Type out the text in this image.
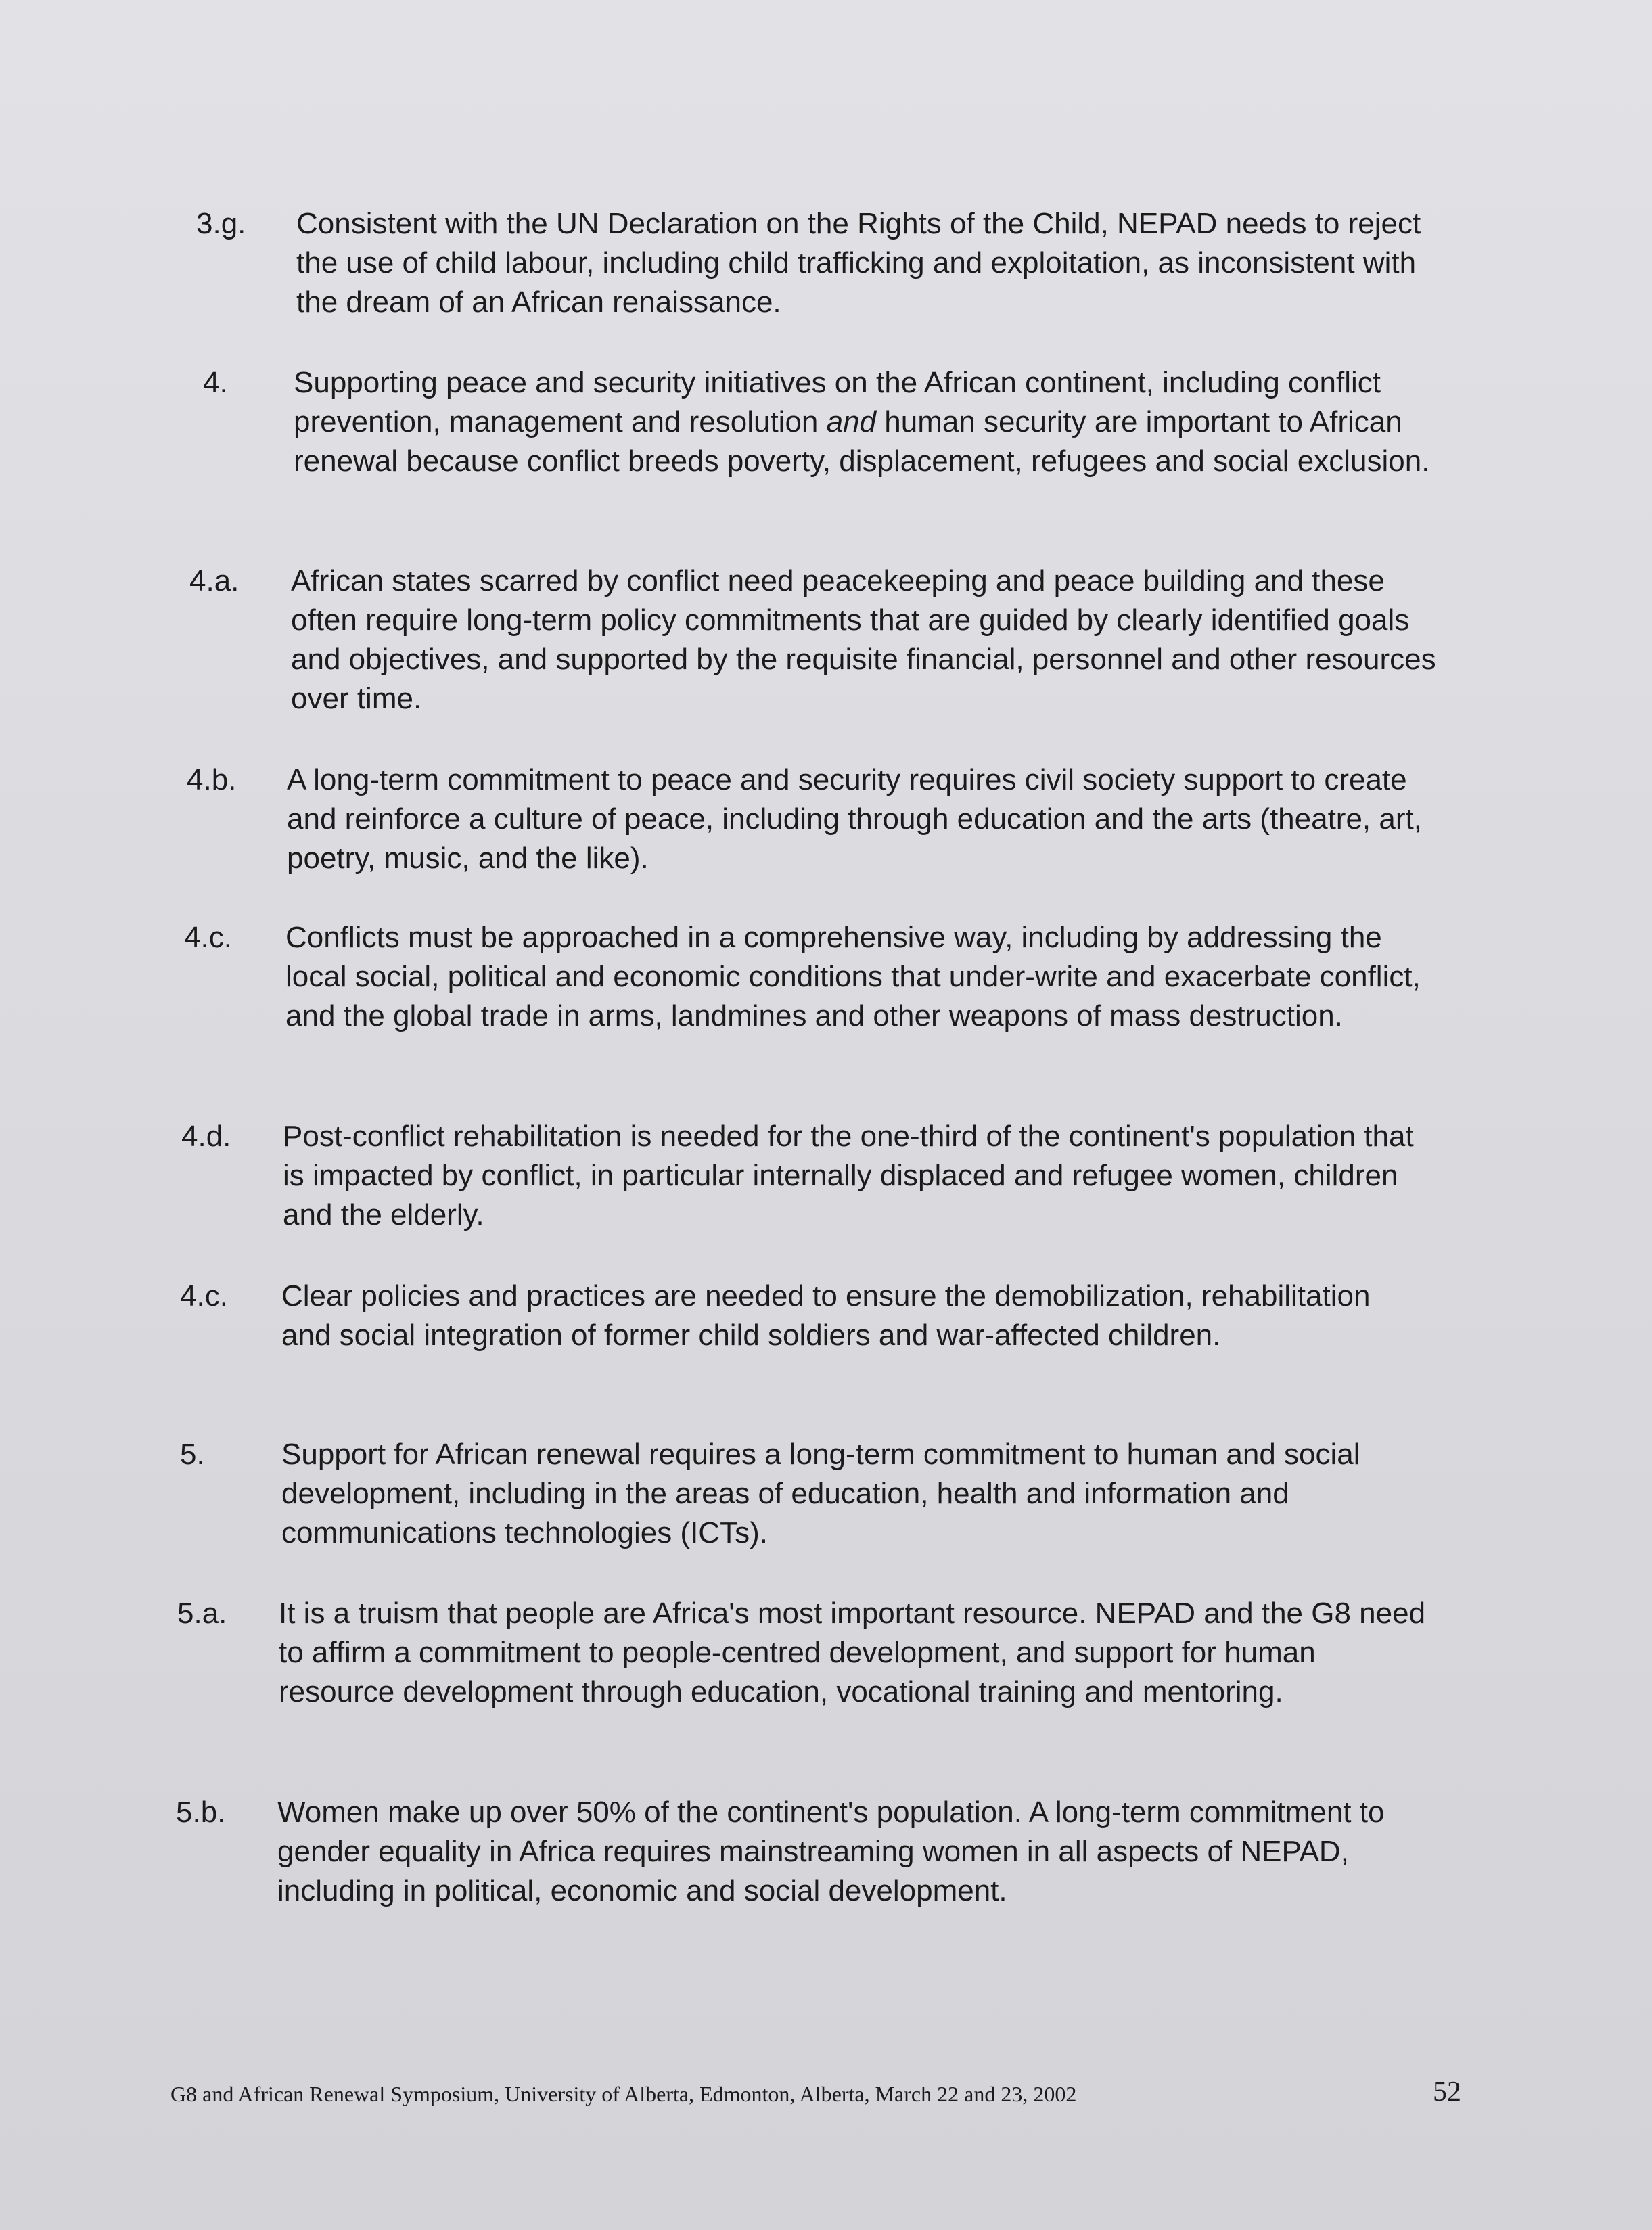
3.g. Consistent with the UN Declaration on the Rights of the Child, NEPAD needs to reject the use of child labour, including child trafficking and exploitation, as inconsistent with the dream of an African renaissance.
4. Supporting peace and security initiatives on the African continent, including conflict prevention, management and resolution and human security are important to African renewal because conflict breeds poverty, displacement, refugees and social exclusion.
4.a. African states scarred by conflict need peacekeeping and peace building and these often require long-term policy commitments that are guided by clearly identified goals and objectives, and supported by the requisite financial, personnel and other resources over time.
4.b. A long-term commitment to peace and security requires civil society support to create and reinforce a culture of peace, including through education and the arts (theatre, art, poetry, music, and the like).
4.c. Conflicts must be approached in a comprehensive way, including by addressing the local social, political and economic conditions that under-write and exacerbate conflict, and the global trade in arms, landmines and other weapons of mass destruction.
4.d. Post-conflict rehabilitation is needed for the one-third of the continent's population that is impacted by conflict, in particular internally displaced and refugee women, children and the elderly.
4.c. Clear policies and practices are needed to ensure the demobilization, rehabilitation and social integration of former child soldiers and war-affected children.
5.	Support for African renewal requires a long-term commitment to human and social development, including in the areas of education, health and information and communications technologies (ICTs).
5.a. It is a truism that people are Africa's most important resource. NEPAD and the G8 need to affirm a commitment to people-centred development, and support for human resource development through education, vocational training and mentoring.
5.b. Women make up over 50% of the continent's population. A long-term commitment to gender equality in Africa requires mainstreaming women in all aspects of NEPAD, including in political, economic and social development.
G8 and African Renewal Symposium, University of Alberta, Edmonton, Alberta, March 22 and 23, 2002	52
